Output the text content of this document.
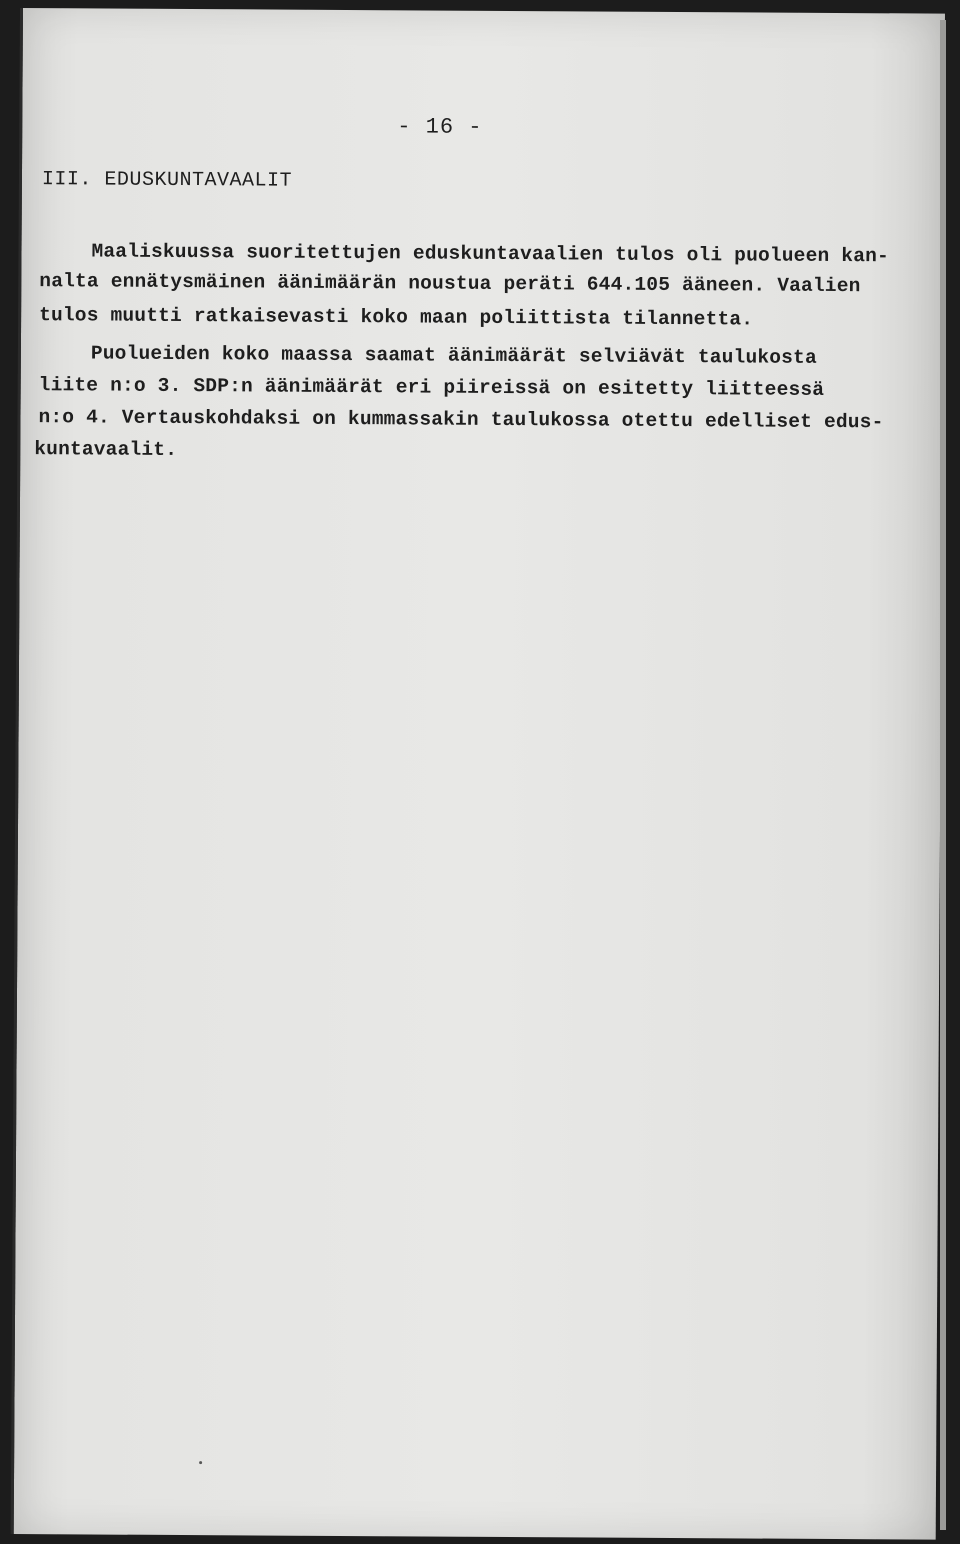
- 16 -
III. EDUSKUNTAVAALIT
Maaliskuussa suoritettujen eduskuntavaalien tulos oli puolueen kan-
nalta ennätysmäinen äänimäärän noustua peräti 644.105 ääneen. Vaalien
tulos muutti ratkaisevasti koko maan poliittista tilannetta.
Puolueiden koko maassa saamat äänimäärät selviävät taulukosta
liite n:o 3. SDP:n äänimäärät eri piireissä on esitetty liitteessä
n:o 4. Vertauskohdaksi on kummassakin taulukossa otettu edelliset edus-
kuntavaalit.
